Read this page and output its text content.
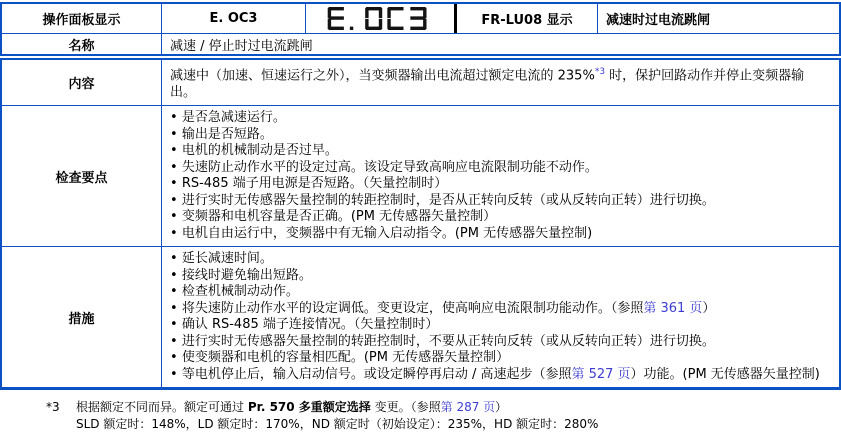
操作面板显示	E. OC3	FR-LU08 显示	减速时过电流跳闸
名称	减速 / 停止时过电流跳闸
内容
减速中（加速、恒速运行之外），当变频器输出电流超过额定电流的 235%$^{*3}$ 时，保护回路动作并停止变频器输出。
检查要点
• 是否急减速运行。
• 输出是否短路。
• 电机的机械制动是否过早。
• 失速防止动作水平的设定过高。该设定导致高响应电流限制功能不动作。
• RS-485 端子用电源是否短路。（矢量控制时）
• 进行实时无传感器矢量控制的转距控制时，是否从正转向反转（或从反转向正转）进行切换。
• 变频器和电机容量是否正确。(PM 无传感器矢量控制）
• 电机自由运行中，变频器中有无输入启动指令。(PM 无传感器矢量控制)
措施
• 延长减速时间。
• 接线时避免输出短路。
• 检查机械制动动作。
• 将失速防止动作水平的设定调低。变更设定，使高响应电流限制功能动作。（参照第 361 页）
• 确认 RS-485 端子连接情况。（矢量控制时）
• 进行实时无传感器矢量控制的转距控制时，不要从正转向反转（或从反转向正转）进行切换。
• 使变频器和电机的容量相匹配。(PM 无传感器矢量控制）
• 等电机停止后，输入启动信号。或设定瞬停再启动 / 高速起步（参照第 527 页）功能。(PM 无传感器矢量控制)
*3	根据额定不同而异。额定可通过 Pr. 570 多重额定选择 变更。（参照第 287 页）
SLD 额定时：148%，LD 额定时：170%，ND 额定时（初始设定）：235%，HD 额定时：280%
